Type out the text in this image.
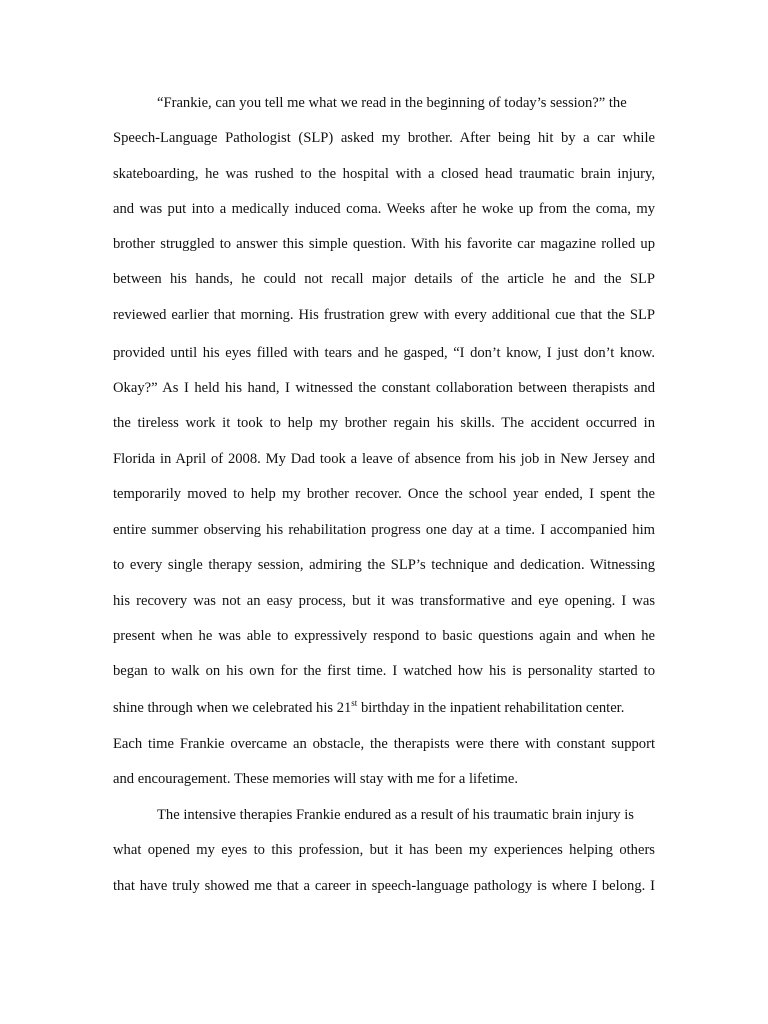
“Frankie, can you tell me what we read in the beginning of today’s session?” the
Speech-Language Pathologist (SLP) asked my brother. After being hit by a car while
skateboarding, he was rushed to the hospital with a closed head traumatic brain injury,
and was put into a medically induced coma. Weeks after he woke up from the coma, my
brother struggled to answer this simple question. With his favorite car magazine rolled up
between his hands, he could not recall major details of the article he and the SLP
reviewed earlier that morning. His frustration grew with every additional cue that the SLP
provided until his eyes filled with tears and he gasped, “I don’t know, I just don’t know.
Okay?” As I held his hand, I witnessed the constant collaboration between therapists and
the tireless work it took to help my brother regain his skills. The accident occurred in
Florida in April of 2008. My Dad took a leave of absence from his job in New Jersey and
temporarily moved to help my brother recover. Once the school year ended, I spent the
entire summer observing his rehabilitation progress one day at a time. I accompanied him
to every single therapy session, admiring the SLP’s technique and dedication. Witnessing
his recovery was not an easy process, but it was transformative and eye opening. I was
present when he was able to expressively respond to basic questions again and when he
began to walk on his own for the first time. I watched how his is personality started to
shine through when we celebrated his 21st birthday in the inpatient rehabilitation center.
Each time Frankie overcame an obstacle, the therapists were there with constant support
and encouragement. These memories will stay with me for a lifetime.
The intensive therapies Frankie endured as a result of his traumatic brain injury is
what opened my eyes to this profession, but it has been my experiences helping others
that have truly showed me that a career in speech-language pathology is where I belong. I
